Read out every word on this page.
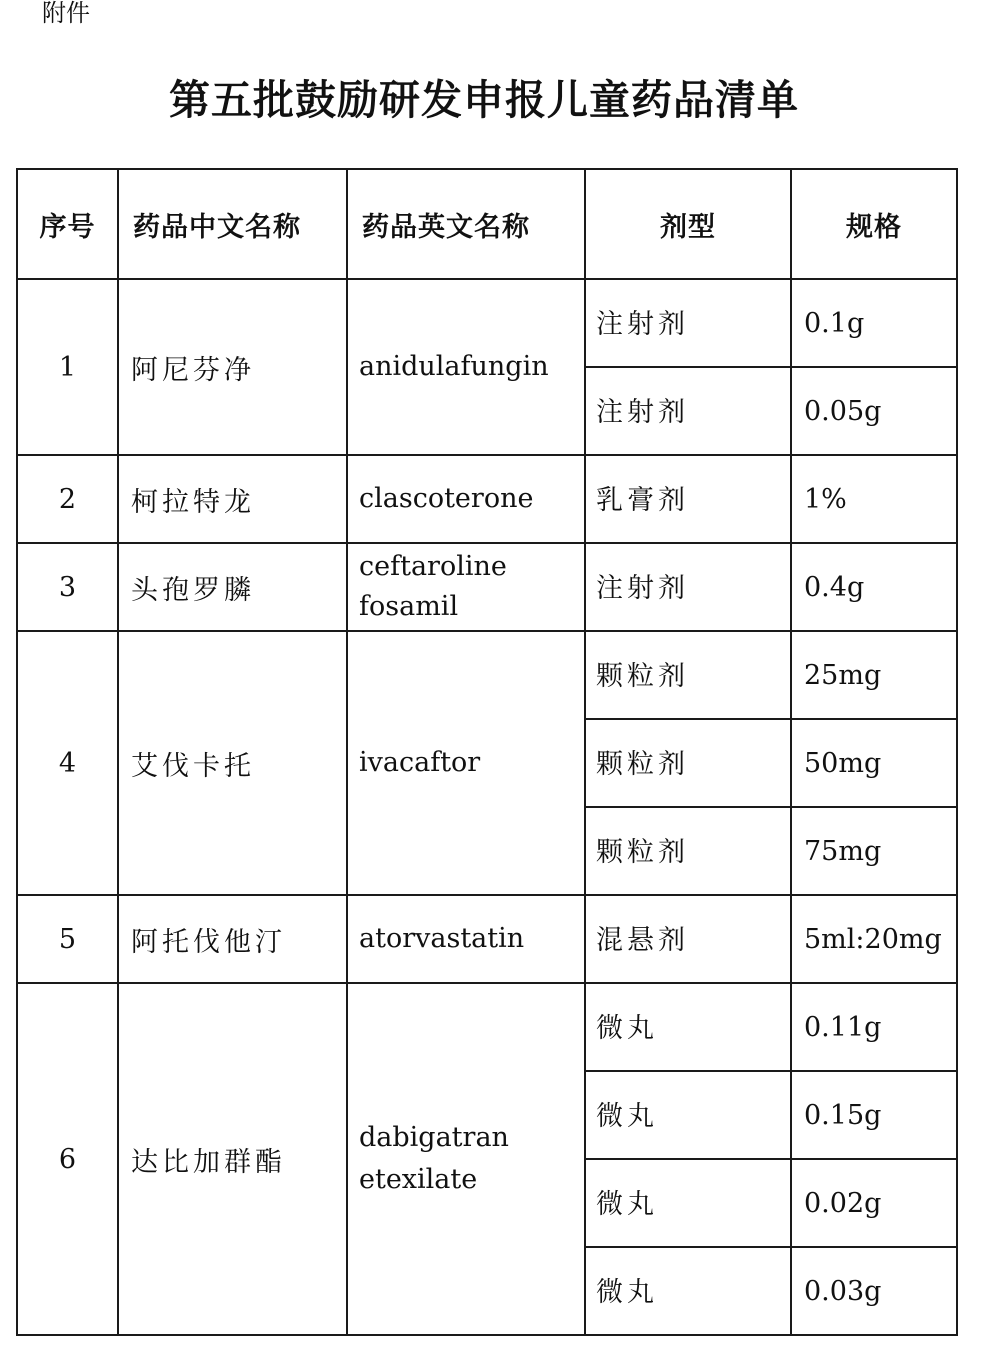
附件
第五批鼓励研发申报儿童药品清单
序号	药品中文名称	药品英文名称	剂型	规格
1	阿尼芬净	anidulafungin	注射剂	0.1g
			注射剂	0.05g
2	柯拉特龙	clascoterone	乳膏剂	1%
3	头孢罗膦	ceftaroline fosamil	注射剂	0.4g
4	艾伐卡托	ivacaftor	颗粒剂	25mg
			颗粒剂	50mg
			颗粒剂	75mg
5	阿托伐他汀	atorvastatin	混悬剂	5ml:20mg
6	达比加群酯	dabigatran etexilate	微丸	0.11g
			微丸	0.15g
			微丸	0.02g
			微丸	0.03g
